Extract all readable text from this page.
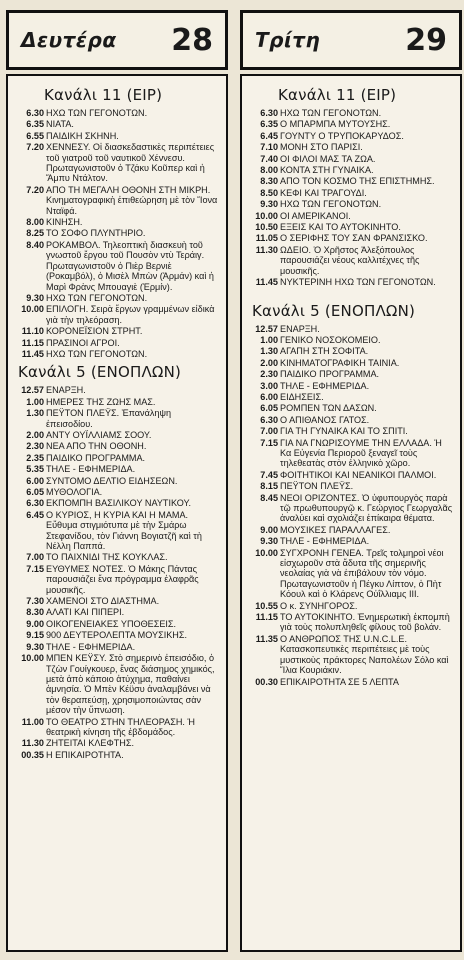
Δευτέρα 28
Κανάλι 11 (ΕΙΡ)
6.30 ΗΧΩ ΤΩΝ ΓΕΓΟΝΟΤΩΝ.
6.35 ΝΙΑΤΑ.
6.55 ΠΑΙΔΙΚΗ ΣΚΗΝΗ.
7.20 ΧΕΝΝΕΣΥ. Οἱ διασκεδαστικὲς περιπέτειες τοῦ γιατροῦ τοῦ ναυτικοῦ Χέννεσυ. Πρωταγωνιστοῦν ὁ Τζάκυ Κοῦπερ καὶ ἡ Ἄμπυ Ντάλτον.
7.20 ΑΠΟ ΤΗ ΜΕΓΑΛΗ ΟΘΟΝΗ ΣΤΗ ΜΙΚΡΗ. Κινηματογραφικὴ ἐπιθεώρηση μὲ τὸν Ἴονα Νταϊφά.
8.00 ΚΙΝΗΣΗ.
8.25 ΤΟ ΣΟΦΟ ΠΛΥΝΤΗΡΙΟ.
8.40 ΡΟΚΑΜΒΟΛ. Τηλεοπτικὴ διασκευὴ τοῦ γνωστοῦ ἔργου τοῦ Πουσὸν ντὺ Τεράιγ. Πρωταγωνιστοῦν ὁ Πιὲρ Βερνιὲ (Ροκαμβόλ), ὁ Μισὲλ Μπὼν (Ἀρμάν) καὶ ἡ Μαρὶ Φρὰνς Μπουαγιὲ (Ἐρμίν).
9.30 ΗΧΩ ΤΩΝ ΓΕΓΟΝΟΤΩΝ.
10.00 ΕΠΙΛΟΓΗ. Σειρὰ ἔργων γραμμένων εἰδικὰ γιὰ τὴν τηλεόραση.
11.10 ΚΟΡΟΝΕΪΣΙΟΝ ΣΤΡΗΤ.
11.15 ΠΡΑΣΙΝΟΙ ΑΓΡΟΙ.
11.45 ΗΧΩ ΤΩΝ ΓΕΓΟΝΟΤΩΝ.
Κανάλι 5 (ΕΝΟΠΛΩΝ)
12.57 ΕΝΑΡΞΗ.
1.00 ΗΜΕΡΕΣ ΤΗΣ ΖΩΗΣ ΜΑΣ.
1.30 ΠΕΫΤΟΝ ΠΛΕΫΣ. Ἐπανάληψη ἐπεισοδίου.
2.00 ΑΝΤΥ ΟΥΪΛΛΙΑΜΣ ΣΟΟΥ.
2.30 ΝΕΑ ΑΠΟ ΤΗΝ ΟΘΟΝΗ.
2.35 ΠΑΙΔΙΚΟ ΠΡΟΓΡΑΜΜΑ.
5.35 ΤΗΛΕ - ΕΦΗΜΕΡΙΔΑ.
6.00 ΣΥΝΤΟΜΟ ΔΕΛΤΙΟ ΕΙΔΗΣΕΩΝ.
6.05 ΜΥΘΟΛΟΓΙΑ.
6.30 ΕΚΠΟΜΠΗ ΒΑΣΙΛΙΚΟΥ ΝΑΥΤΙΚΟΥ.
6.45 Ο ΚΥΡΙΟΣ, Η ΚΥΡΙΑ ΚΑΙ Η ΜΑΜΑ. Εὔθυμα στιγμιότυπα μὲ τὴν Σμάρω Στεφανίδου, τὸν Γιάννη Βογιατζῆ καὶ τὴ Νέλλη Παππά.
7.00 ΤΟ ΠΑΙΧΝΙΔΙ ΤΗΣ ΚΟΥΚΛΑΣ.
7.15 ΕΥΘΥΜΕΣ ΝΟΤΕΣ. Ὁ Μάκης Πάντας παρουσιάζει ἕνα πρόγραμμα ἐλαφρᾶς μουσικῆς.
7.30 ΧΑΜΕΝΟΙ ΣΤΟ ΔΙΑΣΤΗΜΑ.
8.30 ΑΛΑΤΙ ΚΑΙ ΠΙΠΕΡΙ.
9.00 ΟΙΚΟΓΕΝΕΙΑΚΕΣ ΥΠΟΘΕΣΕΙΣ.
9.15 900 ΔΕΥΤΕΡΟΛΕΠΤΑ ΜΟΥΣΙΚΗΣ.
9.30 ΤΗΛΕ - ΕΦΗΜΕΡΙΔΑ.
10.00 ΜΠΕΝ ΚΕΫΣΥ. Στὸ σημερινὸ ἐπεισόδιο, ὁ Τζὼν Γουίγκουερ, ἕνας διάσημος χημικός, μετὰ ἀπὸ κάποιο ἀτύχημα, παθαίνει ἀμνησία. Ὁ Μπὲν Κέϋσυ ἀναλαμβάνει νὰ τὸν θεραπεύσῃ, χρησιμοποιώντας σὰν μέσον τὴν ὕπνωση.
11.00 ΤΟ ΘΕΑΤΡΟ ΣΤΗΝ ΤΗΛΕΟΡΑΣΗ. Ἡ θεατρικὴ κίνηση τῆς ἑβδομάδος.
11.30 ΖΗΤΕΙΤΑΙ ΚΛΕΦΤΗΣ.
00.35 Η ΕΠΙΚΑΙΡΟΤΗΤΑ.
Τρίτη	29
Κανάλι 11 (ΕΙΡ)
6.30 ΗΧΩ ΤΩΝ ΓΕΓΟΝΟΤΩΝ.
6.35 Ο ΜΠΑΡΜΠΑ ΜΥΤΟΥΣΗΣ.
6.45 ΓΟΥΝΤΥ Ο ΤΡΥΠΟΚΑΡΥΔΟΣ.
7.10 ΜΟΝΗ ΣΤΟ ΠΑΡΙΣΙ.
7.40 ΟΙ ΦΙΛΟΙ ΜΑΣ ΤΑ ΖΩΑ.
8.00 ΚΟΝΤΑ ΣΤΗ ΓΥΝΑΙΚΑ.
8.30 ΑΠΟ ΤΟΝ ΚΟΣΜΟ ΤΗΣ ΕΠΙΣΤΗΜΗΣ.
8.50 ΚΕΦΙ ΚΑΙ ΤΡΑΓΟΥΔΙ.
9.30 ΗΧΩ ΤΩΝ ΓΕΓΟΝΟΤΩΝ.
10.00 ΟΙ ΑΜΕΡΙΚΑΝΟΙ.
10.50 ΕΞΕΙΣ ΚΑΙ ΤΟ ΑΥΤΟΚΙΝΗΤΟ.
11.05 Ο ΣΕΡΙΦΗΣ ΤΟΥ ΣΑΝ ΦΡΑΝΣΙΣΚΟ.
11.30 ΩΔΕΙΟ. Ὁ Χρῆστος Ἀλεξόπουλος παρουσιάζει νέους καλλιτέχνες τῆς μουσικῆς.
11.45 ΝΥΚΤΕΡΙΝΗ ΗΧΩ ΤΩΝ ΓΕΓΟΝΟΤΩΝ.
Κανάλι 5 (ΕΝΟΠΛΩΝ)
12.57 ΕΝΑΡΞΗ.
1.00 ΓΕΝΙΚΟ ΝΟΣΟΚΟΜΕΙΟ.
1.30 ΑΓΑΠΗ ΣΤΗ ΣΟΦΙΤΑ.
2.00 ΚΙΝΗΜΑΤΟΓΡΑΦΙΚΗ ΤΑΙΝΙΑ.
2.30 ΠΑΙΔΙΚΟ ΠΡΟΓΡΑΜΜΑ.
3.00 ΤΗΛΕ - ΕΦΗΜΕΡΙΔΑ.
6.00 ΕΙΔΗΣΕΙΣ.
6.05 ΡΟΜΠΕΝ ΤΩΝ ΔΑΣΩΝ.
6.30 Ο ΑΠΙΘΑΝΟΣ ΓΑΤΟΣ.
7.00 ΓΙΑ ΤΗ ΓΥΝΑΙΚΑ ΚΑΙ ΤΟ ΣΠΙΤΙ.
7.15 ΓΙΑ ΝΑ ΓΝΩΡΙΣΟΥΜΕ ΤΗΝ ΕΛΛΑΔΑ. Ἡ Κα Εὐγενία Περιοροῦ ξεναγεῖ τοὺς τηλεθεατὰς στὸν ἑλληνικὸ χῶρο.
7.45 ΦΟΙΤΗΤΙΚΟΙ ΚΑΙ ΝΕΑΝΙΚΟΙ ΠΑΛΜΟΙ.
8.15 ΠΕΫΤΟΝ ΠΛΕΫΣ.
8.45 ΝΕΟΙ ΟΡΙΖΟΝΤΕΣ. Ὁ ὑφυπουργὸς παρὰ τῷ πρωθυπουργῷ κ. Γεώργιος Γεωργαλᾶς ἀναλύει καὶ σχολιάζει ἐπίκαιρα θέματα.
9.00 ΜΟΥΣΙΚΕΣ ΠΑΡΑΛΛΑΓΕΣ.
9.30 ΤΗΛΕ - ΕΦΗΜΕΡΙΔΑ.
10.00 ΣΥΓΧΡΟΝΗ ΓΕΝΕΑ. Τρεῖς τολμηροὶ νέοι εἰσχωροῦν στὰ ἄδυτα τῆς σημερινῆς νεολαίας γιὰ νὰ ἐπιβάλουν τὸν νόμο. Πρωταγωνιστοῦν ἡ Πέγκυ Λίπτον, ὁ Πὴτ Κόουλ καὶ ὁ Κλάρενς Οὐΐλλιαμς ΙΙΙ.
10.55 Ο κ. ΣΥΝΗΓΟΡΟΣ.
11.15 ΤΟ ΑΥΤΟΚΙΝΗΤΟ. Ἐνημερωτικὴ ἐκπομπὴ γιὰ τοὺς πολυπληθεῖς φίλους τοῦ βολάν.
11.35 Ο ΑΝΘΡΩΠΟΣ ΤΗΣ U.N.C.L.E. Κατασκοπευτικὲς περιπέτειες μὲ τοὺς μυστικοὺς πράκτορες Ναπολέων Σόλο καὶ Ἴλια Κουριάκιν.
00.30 ΕΠΙΚΑΙΡΟΤΗΤΑ ΣΕ 5 ΛΕΠΤΑ
